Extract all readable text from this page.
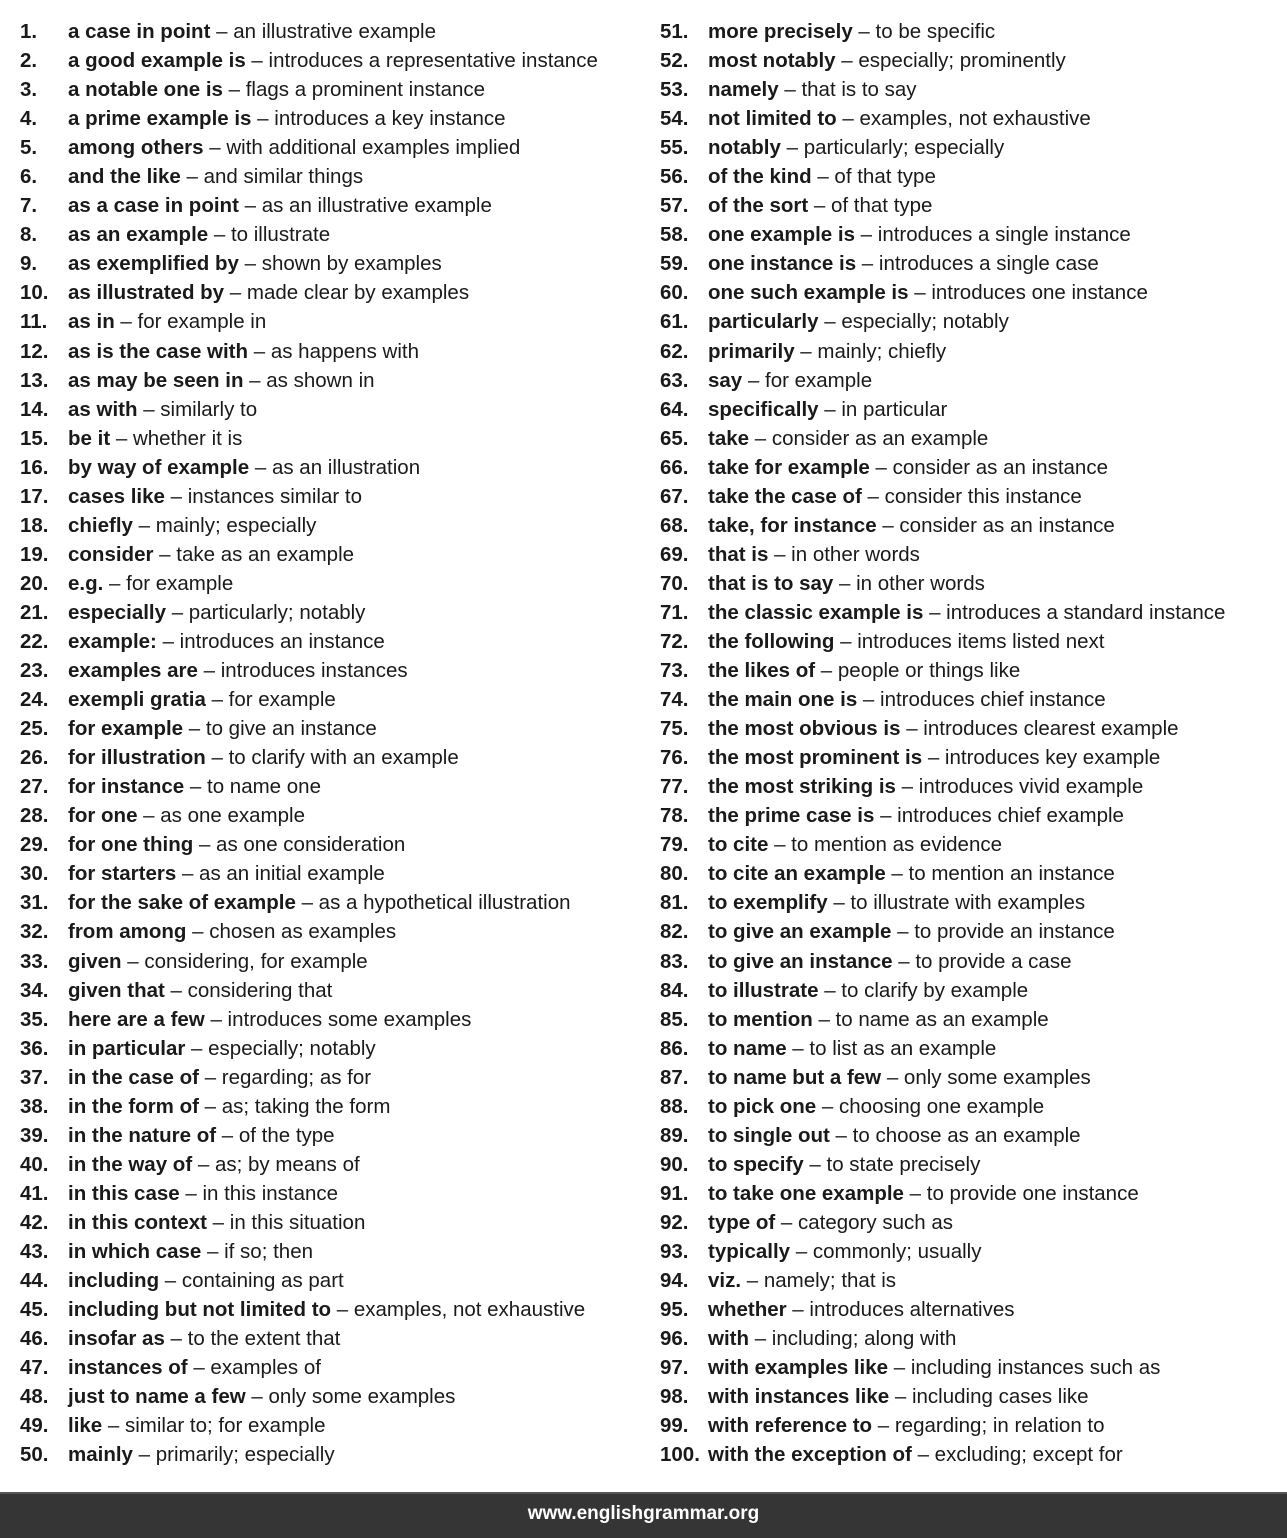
1. a case in point – an illustrative example
2. a good example is – introduces a representative instance
3. a notable one is – flags a prominent instance
4. a prime example is – introduces a key instance
5. among others – with additional examples implied
6. and the like – and similar things
7. as a case in point – as an illustrative example
8. as an example – to illustrate
9. as exemplified by – shown by examples
10. as illustrated by – made clear by examples
11. as in – for example in
12. as is the case with – as happens with
13. as may be seen in – as shown in
14. as with – similarly to
15. be it – whether it is
16. by way of example – as an illustration
17. cases like – instances similar to
18. chiefly – mainly; especially
19. consider – take as an example
20. e.g. – for example
21. especially – particularly; notably
22. example: – introduces an instance
23. examples are – introduces instances
24. exempli gratia – for example
25. for example – to give an instance
26. for illustration – to clarify with an example
27. for instance – to name one
28. for one – as one example
29. for one thing – as one consideration
30. for starters – as an initial example
31. for the sake of example – as a hypothetical illustration
32. from among – chosen as examples
33. given – considering, for example
34. given that – considering that
35. here are a few – introduces some examples
36. in particular – especially; notably
37. in the case of – regarding; as for
38. in the form of – as; taking the form
39. in the nature of – of the type
40. in the way of – as; by means of
41. in this case – in this instance
42. in this context – in this situation
43. in which case – if so; then
44. including – containing as part
45. including but not limited to – examples, not exhaustive
46. insofar as – to the extent that
47. instances of – examples of
48. just to name a few – only some examples
49. like – similar to; for example
50. mainly – primarily; especially
51. more precisely – to be specific
52. most notably – especially; prominently
53. namely – that is to say
54. not limited to – examples, not exhaustive
55. notably – particularly; especially
56. of the kind – of that type
57. of the sort – of that type
58. one example is – introduces a single instance
59. one instance is – introduces a single case
60. one such example is – introduces one instance
61. particularly – especially; notably
62. primarily – mainly; chiefly
63. say – for example
64. specifically – in particular
65. take – consider as an example
66. take for example – consider as an instance
67. take the case of – consider this instance
68. take, for instance – consider as an instance
69. that is – in other words
70. that is to say – in other words
71. the classic example is – introduces a standard instance
72. the following – introduces items listed next
73. the likes of – people or things like
74. the main one is – introduces chief instance
75. the most obvious is – introduces clearest example
76. the most prominent is – introduces key example
77. the most striking is – introduces vivid example
78. the prime case is – introduces chief example
79. to cite – to mention as evidence
80. to cite an example – to mention an instance
81. to exemplify – to illustrate with examples
82. to give an example – to provide an instance
83. to give an instance – to provide a case
84. to illustrate – to clarify by example
85. to mention – to name as an example
86. to name – to list as an example
87. to name but a few – only some examples
88. to pick one – choosing one example
89. to single out – to choose as an example
90. to specify – to state precisely
91. to take one example – to provide one instance
92. type of – category such as
93. typically – commonly; usually
94. viz. – namely; that is
95. whether – introduces alternatives
96. with – including; along with
97. with examples like – including instances such as
98. with instances like – including cases like
99. with reference to – regarding; in relation to
100. with the exception of – excluding; except for
www.englishgrammar.org
